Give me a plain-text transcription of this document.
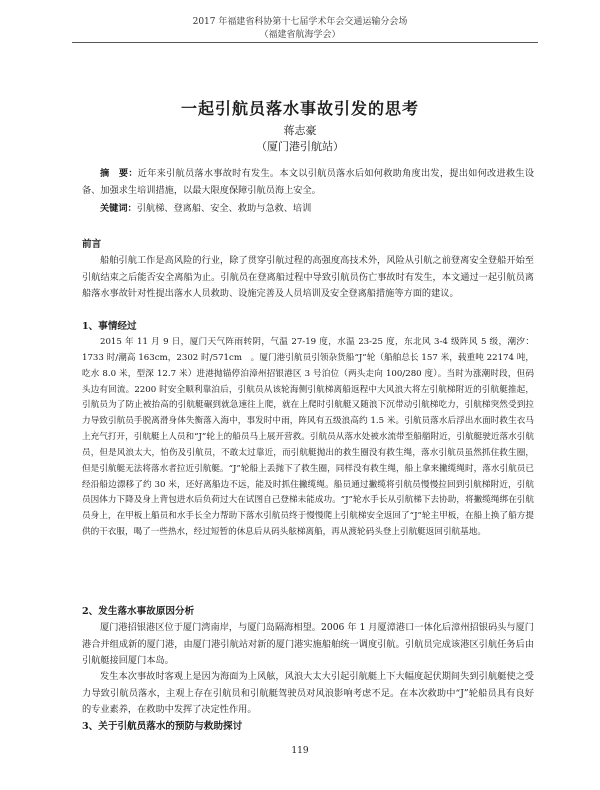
2017 年福建省科协第十七届学术年会交通运输分会场
（福建省航海学会）
一起引航员落水事故引发的思考
蒋志豪
（厦门港引航站）
摘　要：近年来引航员落水事故时有发生。本文以引航员落水后如何救助角度出发，提出如何改进救生设备、加强求生培训措施，以最大限度保障引航员海上安全。
关键词：引航梯、登离船、安全、救助与急救、培训
前言
船舶引航工作是高风险的行业，除了贯穿引航过程的高强度高技术外，风险从引航之前登离安全登船开始至引航结束之后能否安全离船为止。引航员在登离船过程中导致引航员伤亡事故时有发生，本文通过一起引航员离船落水事故针对性提出落水人员救助、设施完善及人员培训及安全登离船措施等方面的建议。
1、事情经过
2015 年 11 月 9 日，厦门天气阵雨转阴，气温 27-19 度，水温 23-25 度，东北风 3-4 级阵风 5 级，潮汐：1733 时/潮高 163cm，2302 时/571cm　。厦门港引航员引领杂货船“J”轮（船舶总长 157 米，载重吨 22174 吨，吃水 8.0 米，型深 12.7 米）进港抛锚停泊漳州招银港区 3 号泊位（两头走向 100/280 度）。当时为涨潮时段，但码头边有回流。2200 时安全顺利靠泊后，引航员从该轮海侧引航梯离船返程中大风浪大将左引航梯附近的引航艇推起，引航员为了防止被抬高的引航艇碾到就急速往上爬，就在上爬时引航艇又随浪下沉带动引航梯吃力，引航梯突然受到拉力导致引航员手脱离滑身体失衡落入海中，事发时中雨，阵风有五级浪高约 1.5 米。引航员落水后浮出水面时救生衣马上充气打开，引航艇上人员和“J”轮上的船员马上展开营救。引航员从落水处被水流带至船艏附近，引航艇驶近落水引航员，但是风浪太大，怕伤及引航员，不敢太过靠近，而引航艇抛出的救生圈没有救生绳，落水引航员虽然抓住救生圈，但是引航艇无法将落水者拉近引航艇。“J”轮船上丢抛下了救生圈，同样没有救生绳，船上拿来撇缆绳时，落水引航员已经沿船边漂移了约 30 米，还好离船边不远，能及时抓住撇缆绳。船员通过撇缆将引航员慢慢拉回到引航梯附近，引航员因体力下降及身上背包进水后负荷过大在试图自己登梯未能成功。“J”轮水手长从引航梯下去协助，将撇缆绳绑在引航员身上，在甲板上船员和水手长全力帮助下落水引航员终于慢慢爬上引航梯安全返回了“J”轮主甲板，在船上换了船方提供的干衣服，喝了一些热水，经过短暂的休息后从码头舷梯离船，再从渡轮码头登上引航艇返回引航基地。
2、发生落水事故原因分析
厦门港招银港区位于厦门湾南岸，与厦门岛隔海相望。2006 年 1 月厦漳港口一体化后漳州招银码头与厦门港合并组成新的厦门港，由厦门港引航站对新的厦门港实施船舶统一调度引航。引航员完成该港区引航任务后由引航艇接回厦门本岛。
发生本次事故时客观上是因为海面为上风舷，风浪大太大引起引航艇上下大幅度起伏期间失到引航艇使之受力导致引航员落水，主观上存在引航员和引航艇驾驶员对风浪影响考虑不足。在本次救助中“J”轮船员具有良好的专业素养，在救助中发挥了决定性作用。
3、关于引航员落水的预防与救助探讨
119
